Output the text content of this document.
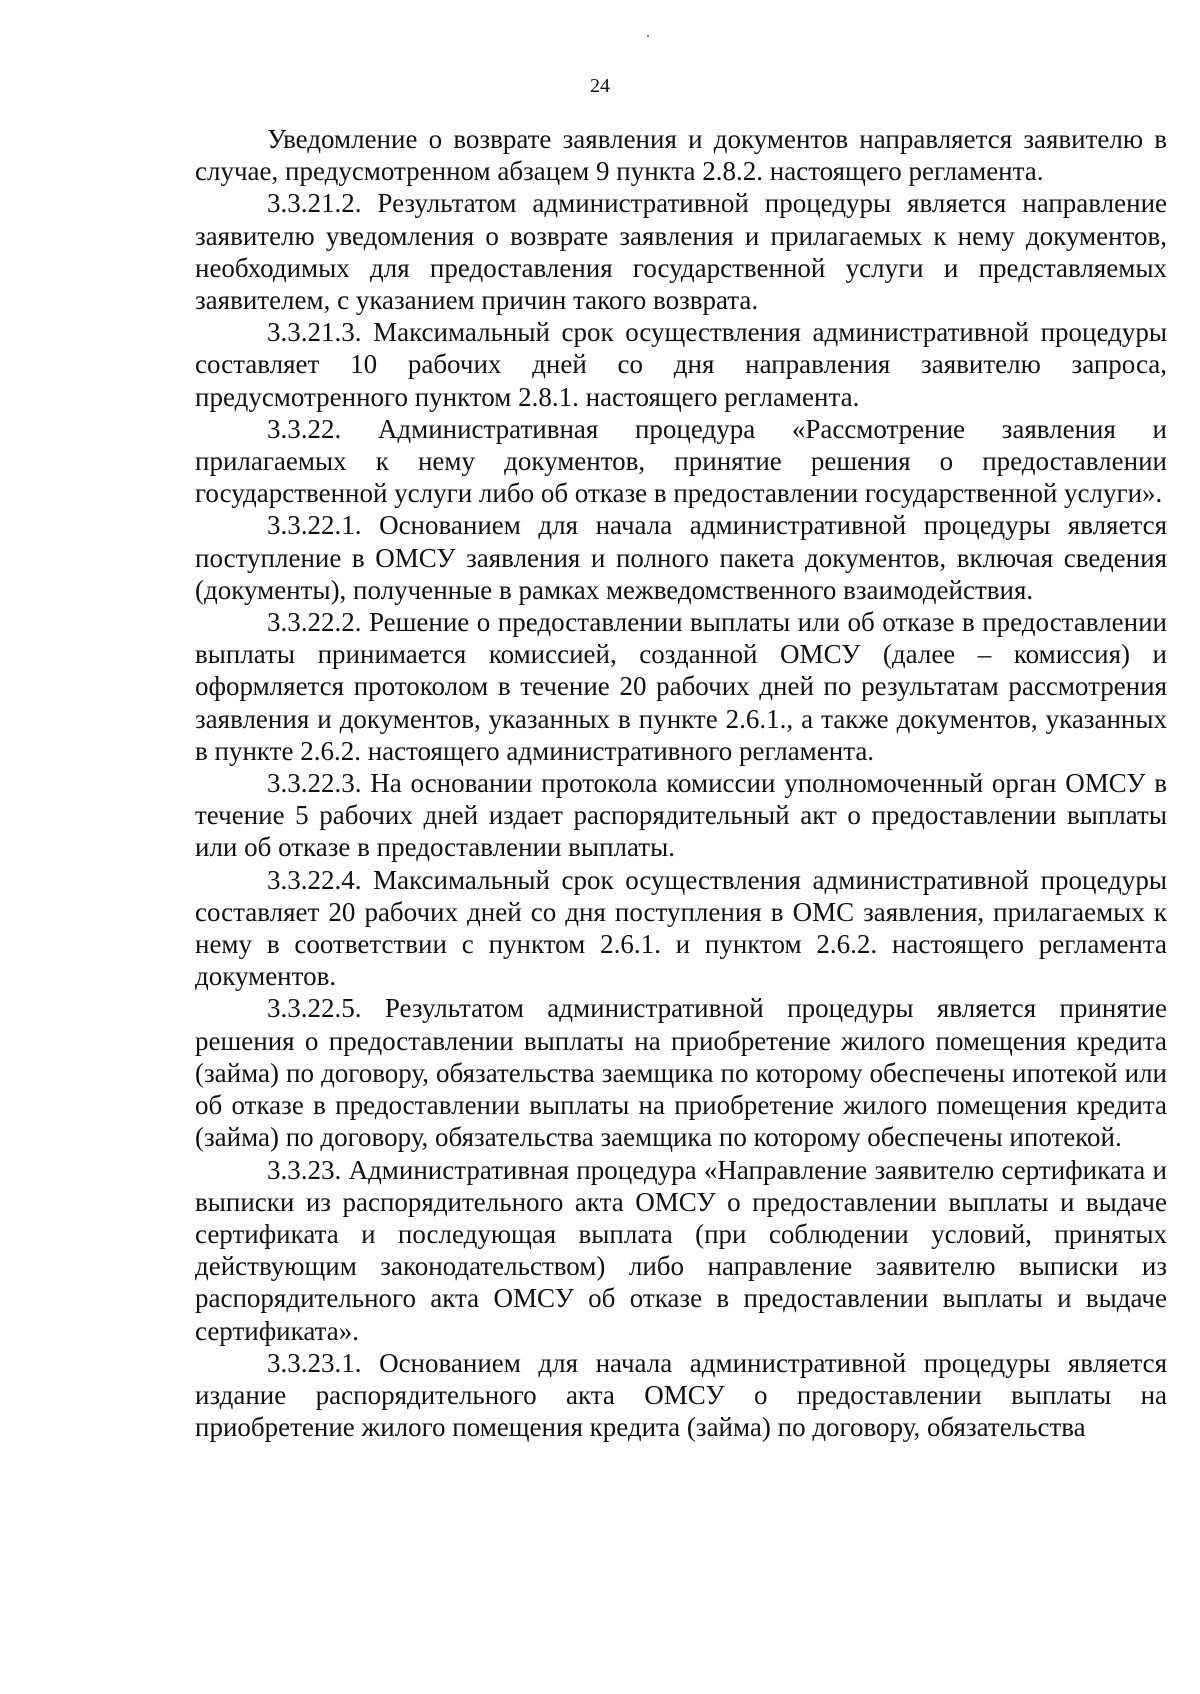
24

Уведомление о возврате заявления и документов направляется заявителю в случае, предусмотренном абзацем 9 пункта 2.8.2. настоящего регламента.

3.3.21.2. Результатом административной процедуры является направление заявителю уведомления о возврате заявления и прилагаемых к нему документов, необходимых для предоставления государственной услуги и представляемых заявителем, с указанием причин такого возврата.

3.3.21.3. Максимальный срок осуществления административной процедуры составляет 10 рабочих дней со дня направления заявителю запроса, предусмотренного пунктом 2.8.1. настоящего регламента.

3.3.22. Административная процедура «Рассмотрение заявления и прилагаемых к нему документов, принятие решения о предоставлении государственной услуги либо об отказе в предоставлении государственной услуги».

3.3.22.1. Основанием для начала административной процедуры является поступление в ОМСУ заявления и полного пакета документов, включая сведения (документы), полученные в рамках межведомственного взаимодействия.

3.3.22.2. Решение о предоставлении выплаты или об отказе в предоставлении выплаты принимается комиссией, созданной ОМСУ (далее – комиссия) и оформляется протоколом в течение 20 рабочих дней по результатам рассмотрения заявления и документов, указанных в пункте 2.6.1., а также документов, указанных в пункте 2.6.2. настоящего административного регламента.

3.3.22.3. На основании протокола комиссии уполномоченный орган ОМСУ в течение 5 рабочих дней издает распорядительный акт о предоставлении выплаты или об отказе в предоставлении выплаты.

3.3.22.4. Максимальный срок осуществления административной процедуры составляет 20 рабочих дней со дня поступления в ОМС заявления, прилагаемых к нему в соответствии с пунктом 2.6.1. и пунктом 2.6.2. настоящего регламента документов.

3.3.22.5. Результатом административной процедуры является принятие решения о предоставлении выплаты на приобретение жилого помещения кредита (займа) по договору, обязательства заемщика по которому обеспечены ипотекой или об отказе в предоставлении выплаты на приобретение жилого помещения кредита (займа) по договору, обязательства заемщика по которому обеспечены ипотекой.

3.3.23. Административная процедура «Направление заявителю сертификата и выписки из распорядительного акта ОМСУ о предоставлении выплаты и выдаче сертификата и последующая выплата (при соблюдении условий, принятых действующим законодательством) либо направление заявителю выписки из распорядительного акта ОМСУ об отказе в предоставлении выплаты и выдаче сертификата».

3.3.23.1. Основанием для начала административной процедуры является издание распорядительного акта ОМСУ о предоставлении выплаты на приобретение жилого помещения кредита (займа) по договору, обязательства
